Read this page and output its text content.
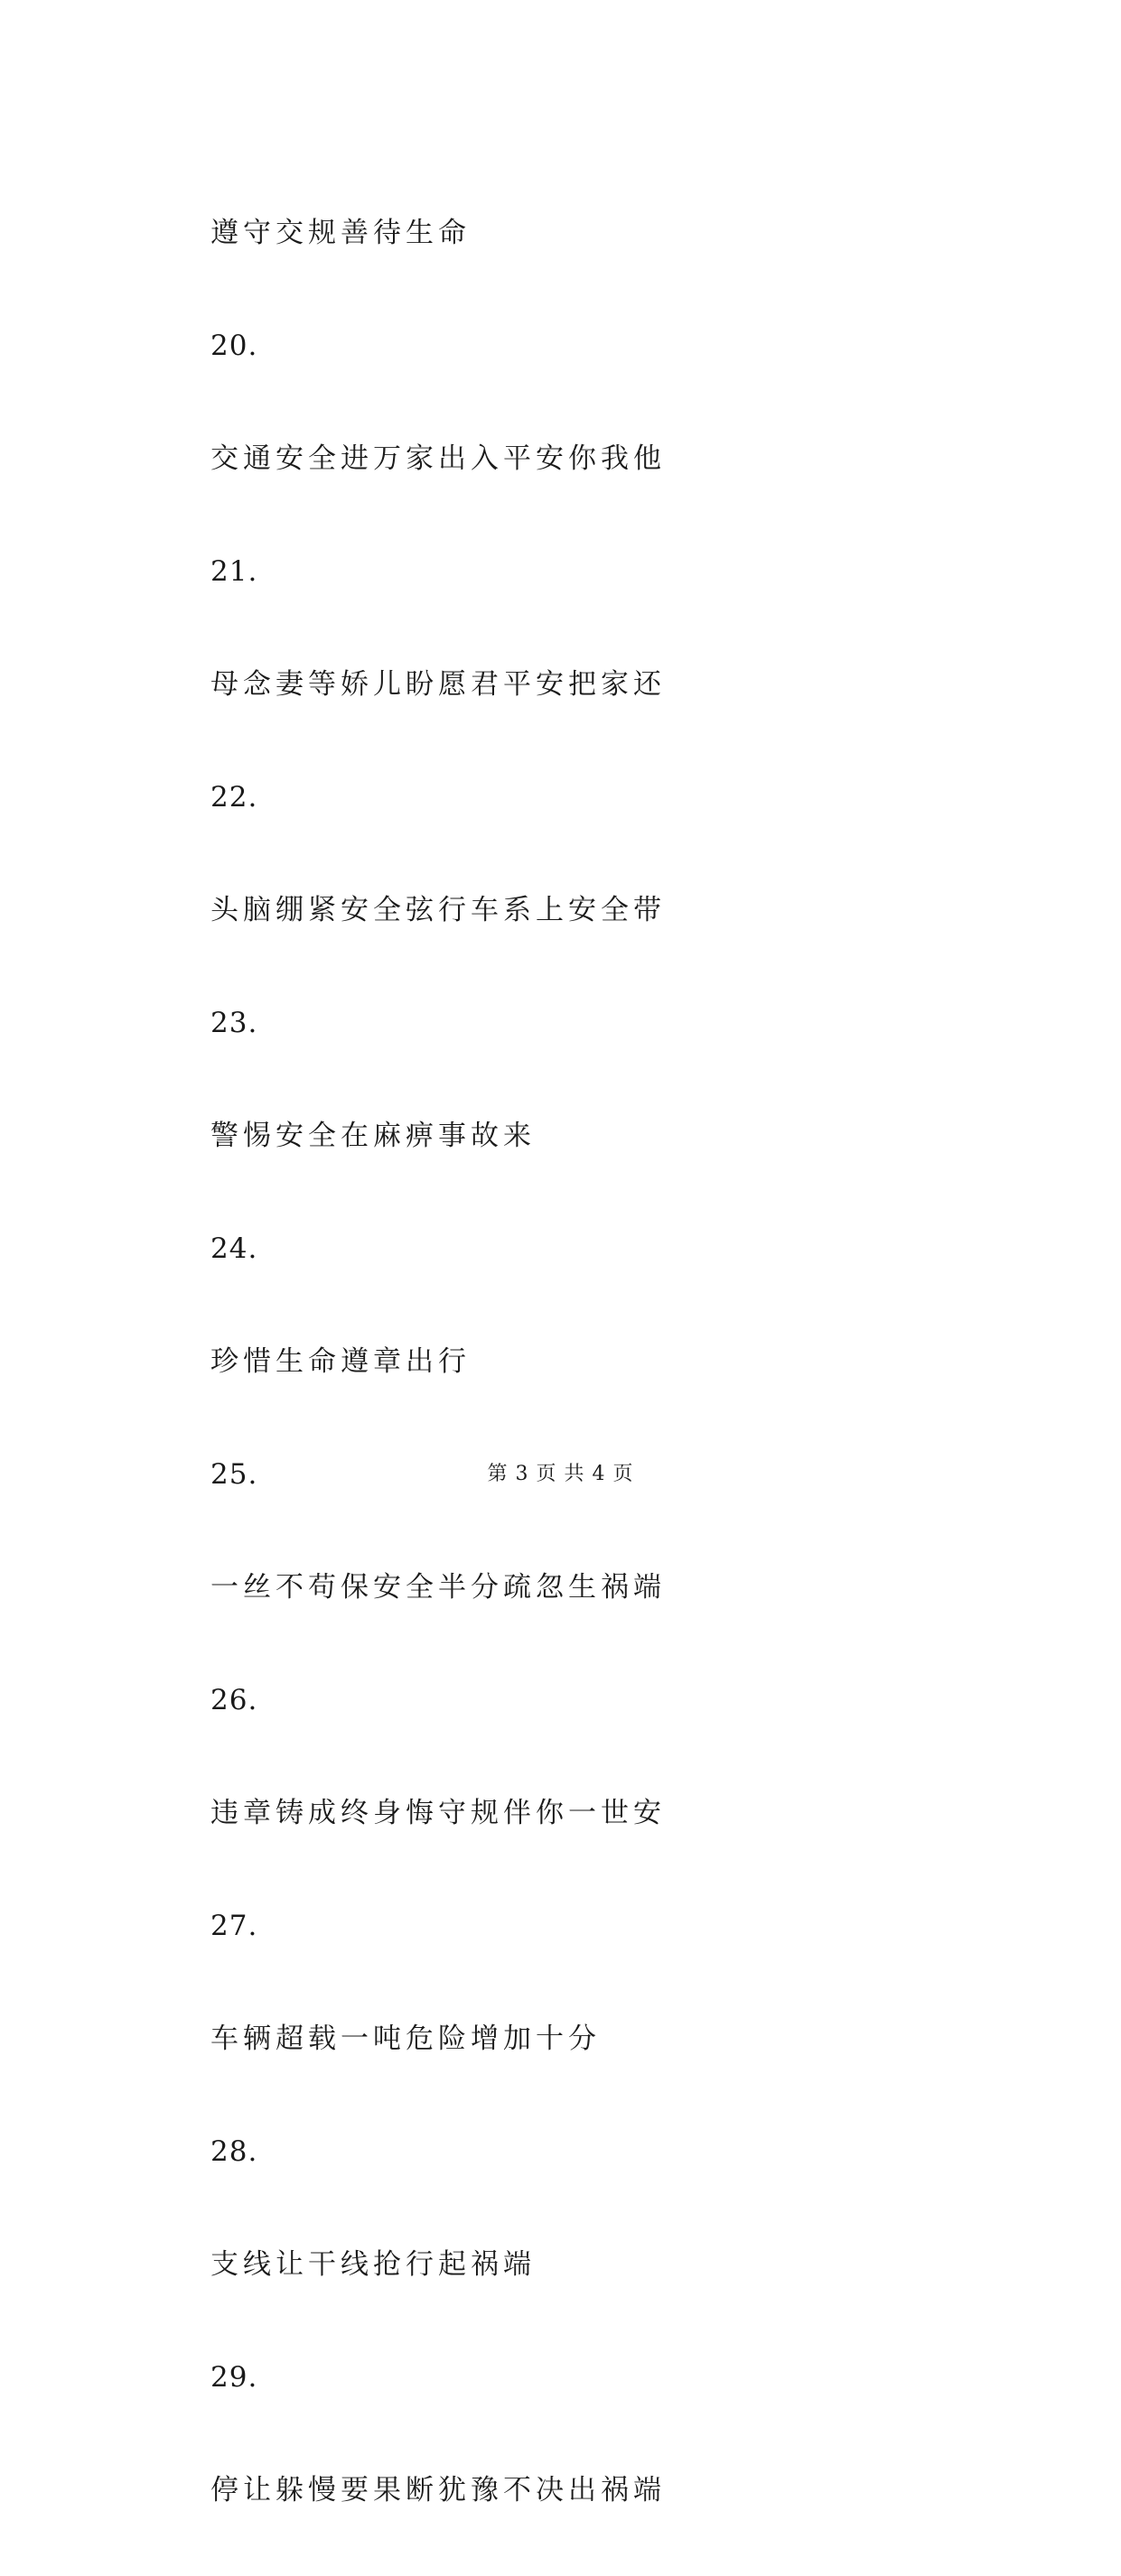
遵守交规善待生命
20.
交通安全进万家出入平安你我他
21.
母念妻等娇儿盼愿君平安把家还
22.
头脑绷紧安全弦行车系上安全带
23.
警惕安全在麻痹事故来
24.
珍惜生命遵章出行
25.
一丝不苟保安全半分疏忽生祸端
26.
违章铸成终身悔守规伴你一世安
27.
车辆超载一吨危险增加十分
28.
支线让干线抢行起祸端
29.
停让躲慢要果断犹豫不决出祸端
第 3 页 共 4 页
